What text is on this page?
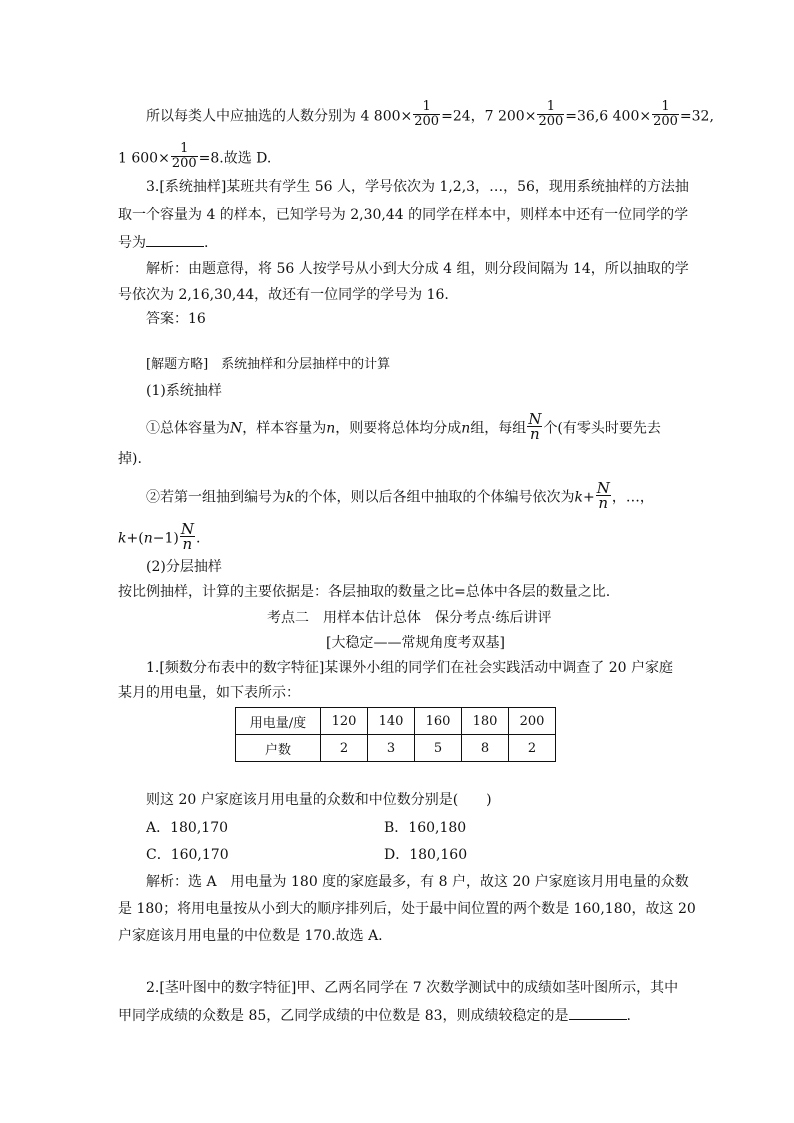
所以每类人中应抽选的人数分别为 4 $800\times \frac{1}{200} =24$，7 $200\times \frac{1}{200} =36,6$ $400\times \frac{1}{200} =32$,
1 $600\times \frac{1}{200} =8$.故选 D.
3.[系统抽样]某班共有学生 56 人，学号依次为 1,2,3，…，56，现用系统抽样的方法抽
取一个容量为 4 的样本，已知学号为 2,30,44 的同学在样本中，则样本中还有一位同学的学
号为	.
解析：由题意得，将 56 人按学号从小到大分成 4 组，则分段间隔为 14，所以抽取的学
号依次为 2,16,30,44，故还有一位同学的学号为 16.
答案：16
[解题方略]　系统抽样和分层抽样中的计算
(1)系统抽样
①总体容量为N，样本容量为n，则要将总体均分成n组，每组 $\frac{N}{n}$ 个(有零头时要先去
掉).
②若第一组抽到编号为k的个体，则以后各组中抽取的个体编号依次为$k+ \frac{N}{n}$ ，…，
$k+(n-1) \frac{N}{n}$ .
(2)分层抽样
按比例抽样，计算的主要依据是：各层抽取的数量之比=总体中各层的数量之比.
考点二　用样本估计总体　保分考点·练后讲评
[大稳定——常规角度考双基]
1.[频数分布表中的数字特征]某课外小组的同学们在社会实践活动中调查了 20 户家庭
某月的用电量，如下表所示：
用电量/度	120	140	160	180	200
户数	2	3	5	8	2
则这 20 户家庭该月用电量的众数和中位数分别是(　　)
A．180,170	B．160,180
C．160,170	D．180,160
解析：选 A　用电量为 180 度的家庭最多，有 8 户，故这 20 户家庭该月用电量的众数
是 180；将用电量按从小到大的顺序排列后，处于最中间位置的两个数是 160,180，故这 20
户家庭该月用电量的中位数是 170.故选 A.
2.[茎叶图中的数字特征]甲、乙两名同学在 7 次数学测试中的成绩如茎叶图所示，其中
甲同学成绩的众数是 85，乙同学成绩的中位数是 83，则成绩较稳定的是	.
